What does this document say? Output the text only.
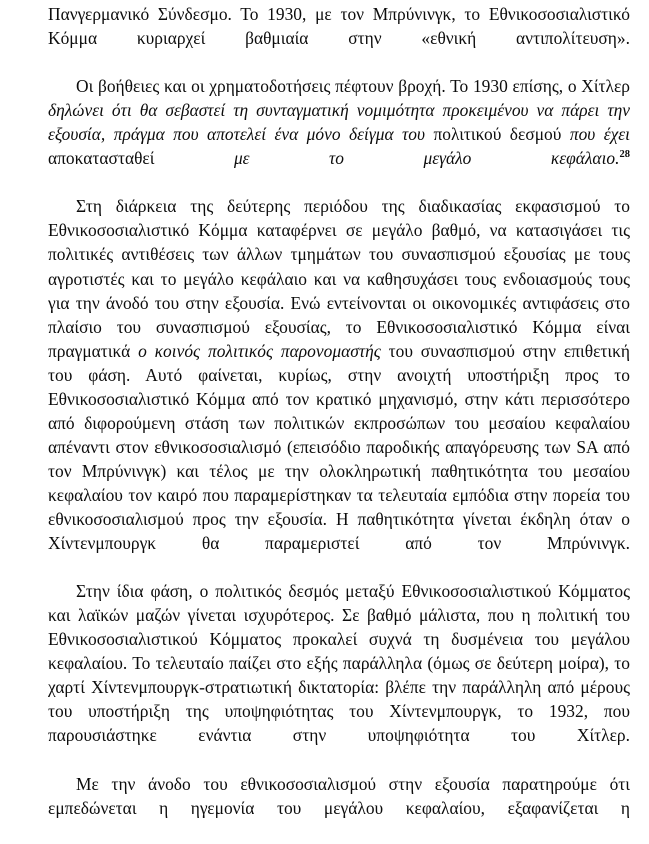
Πανγερμανικό Σύνδεσμο. Το 1930, με τον Μπρύνινγκ, το Εθνικοσοσιαλιστικό Κόμμα κυριαρχεί βαθμιαία στην «εθνική αντιπολίτευση».

Οι βοήθειες και οι χρηματοδοτήσεις πέφτουν βροχή. Το 1930 επίσης, ο Χίτλερ δηλώνει ότι θα σεβαστεί τη συνταγματική νομιμότητα προκειμένου να πάρει την εξουσία, πράγμα που αποτελεί ένα μόνο δείγμα του πολιτικού δεσμού που έχει αποκατασταθεί με το μεγάλο κεφάλαιο.$^{28}$

Στη διάρκεια της δεύτερης περιόδου της διαδικασίας εκφασισμού το Εθνικοσοσιαλιστικό Κόμμα καταφέρνει σε μεγάλο βαθμό, να κατασιγάσει τις πολιτικές αντιθέσεις των άλλων τμημάτων του συνασπισμού εξουσίας με τους αγροτιστές και το μεγάλο κεφάλαιο και να καθησυχάσει τους ενδοιασμούς τους για την άνοδό του στην εξουσία. Ενώ εντείνονται οι οικονομικές αντιφάσεις στο πλαίσιο του συνασπισμού εξουσίας, το Εθνικοσοσιαλιστικό Κόμμα είναι πραγματικά ο κοινός πολιτικός παρονομαστής του συνασπισμού στην επιθετική του φάση. Αυτό φαίνεται, κυρίως, στην ανοιχτή υποστήριξη προς το Εθνικοσοσιαλιστικό Κόμμα από τον κρατικό μηχανισμό, στην κάτι περισσότερο από διφορούμενη στάση των πολιτικών εκπροσώπων του μεσαίου κεφαλαίου απέναντι στον εθνικοσοσιαλισμό (επεισόδιο παροδικής απαγόρευσης των SA από τον Μπρύνινγκ) και τέλος με την ολοκληρωτική παθητικότητα του μεσαίου κεφαλαίου τον καιρό που παραμερίστηκαν τα τελευταία εμπόδια στην πορεία του εθνικοσοσιαλισμού προς την εξουσία. Η παθητικότητα γίνεται έκδηλη όταν ο Χίντενμπουργκ θα παραμεριστεί από τον Μπρύνινγκ.

Στην ίδια φάση, ο πολιτικός δεσμός μεταξύ Εθνικοσοσιαλιστικού Κόμματος και λαϊκών μαζών γίνεται ισχυρότερος. Σε βαθμό μάλιστα, που η πολιτική του Εθνικοσοσιαλιστικού Κόμματος προκαλεί συχνά τη δυσμένεια του μεγάλου κεφαλαίου. Το τελευταίο παίζει στο εξής παράλληλα (όμως σε δεύτερη μοίρα), το χαρτί Χίντενμπουργκ-στρατιωτική δικτατορία: βλέπε την παράλληλη από μέρους του υποστήριξη της υποψηφιότητας του Χίντενμπουργκ, το 1932, που παρουσιάστηκε ενάντια στην υποψηφιότητα του Χίτλερ.

Με την άνοδο του εθνικοσοσιαλισμού στην εξουσία παρατηρούμε ότι εμπεδώνεται η ηγεμονία του μεγάλου κεφαλαίου, εξαφανίζεται η
